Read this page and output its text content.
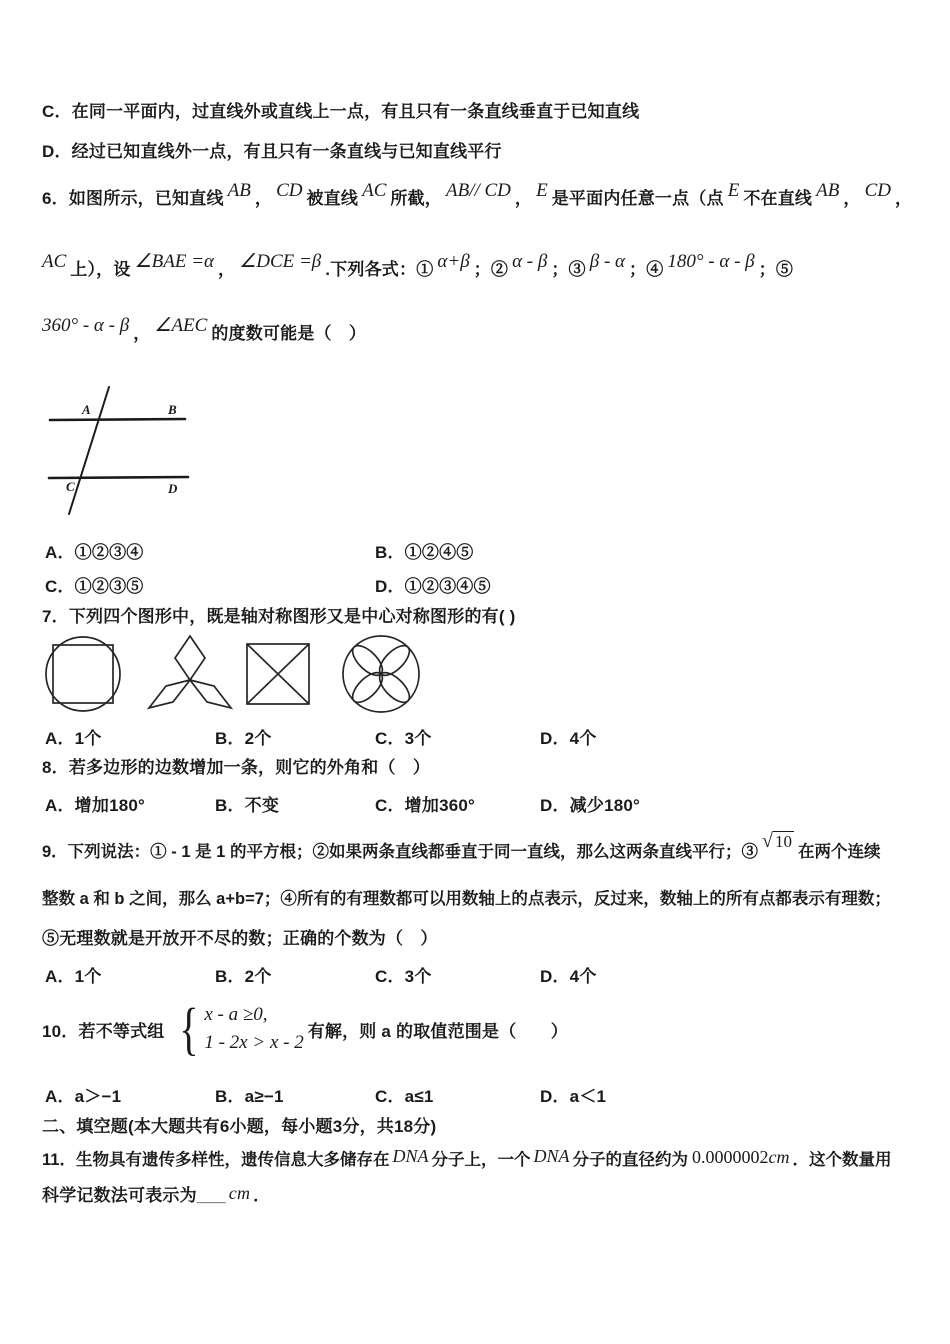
C．在同一平面内，过直线外或直线上一点，有且只有一条直线垂直于已知直线
D．经过已知直线外一点，有且只有一条直线与已知直线平行
6．如图所示，已知直线 AB ， CD 被直线 AC 所截， AB// CD ， E 是平面内任意一点（点 E 不在直线 AB ， CD ，
AC 上），设 ∠BAE =α ， ∠DCE =β .下列各式：① α+β ；② α - β ；③ β - α ；④ 180° - α - β ；⑤
360° - α - β ， ∠AEC 的度数可能是（　）
A	B
C	D
A．①②③④	B．①②④⑤
C．①②③⑤	D．①②③④⑤
7．下列四个图形中，既是轴对称图形又是中心对称图形的有( )
A．1个	B．2个	C．3个	D．4个
8．若多边形的边数增加一条，则它的外角和（　）
A．增加180°	B．不变	C．增加360°	D．减少180°
9．下列说法：① - 1 是 1 的平方根；②如果两条直线都垂直于同一直线，那么这两条直线平行；③ √ 10在两个连续
整数 a 和 b 之间，那么 a+b=7；④所有的有理数都可以用数轴上的点表示，反过来，数轴上的所有点都表示有理数；
⑤无理数就是开放开不尽的数；正确的个数为（　）
A．1个	B．2个	C．3个	D．4个
10．若不等式组 { x - a ≥0,
1 - 2x > x - 2
有解，则 a 的取值范围是（　　）
A．a＞−1	B．a≥−1	C．a≤1	D．a＜1
二、填空题(本大题共有6小题，每小题3分，共18分)
11．生物具有遗传多样性，遗传信息大多储存在 DNA 分子上，一个 DNA 分子的直径约为 0.0000002cm ．这个数量用
科学记数法可表示为___ cm ．
